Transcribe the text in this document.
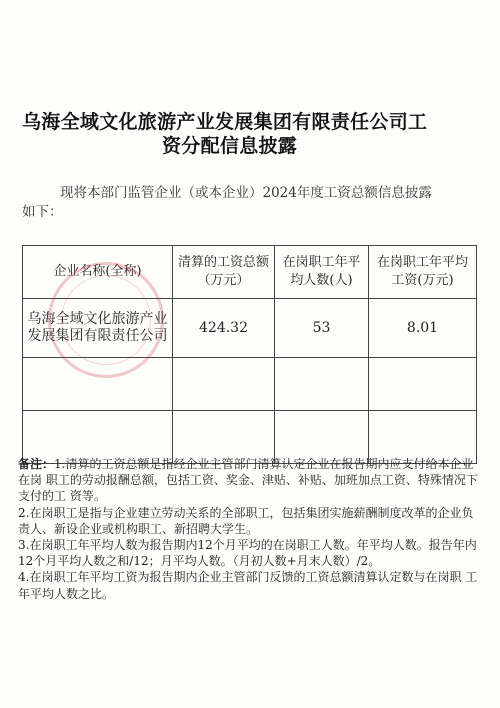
乌海全域文化旅游产业发展集团有限责任公司工
资分配信息披露
现将本部门监管企业（或本企业）2024年度工资总额信息披露
如下：
企业名称(全称)	清算的工资总额（万元）	在岗职工年平均人数(人)	在岗职工年平均工资(万元)
乌海全域文化旅游产业发展集团有限责任公司	424.32	53	8.01

备注：1.清算的工资总额是指经企业主管部门清算认定企业在报告期内应支付给本企业在岗 职工的劳动报酬总额，包括工资、奖金、津贴、补贴、加班加点工资、特殊情况下支付的工 资等。

2.在岗职工是指与企业建立劳动关系的全部职工，包括集团实施薪酬制度改革的企业负 责人、新设企业或机构职工、新招聘大学生。

3.在岗职工年平均人数为报告期内12个月平均的在岗职工人数。年平均人数。报告年内12个月平均人数之和/12；月平均人数。（月初人数+月末人数）/2。

4.在岗职工年平均工资为报告期内企业主管部门反馈的工资总额清算认定数与在岗职 工年平均人数之比。
